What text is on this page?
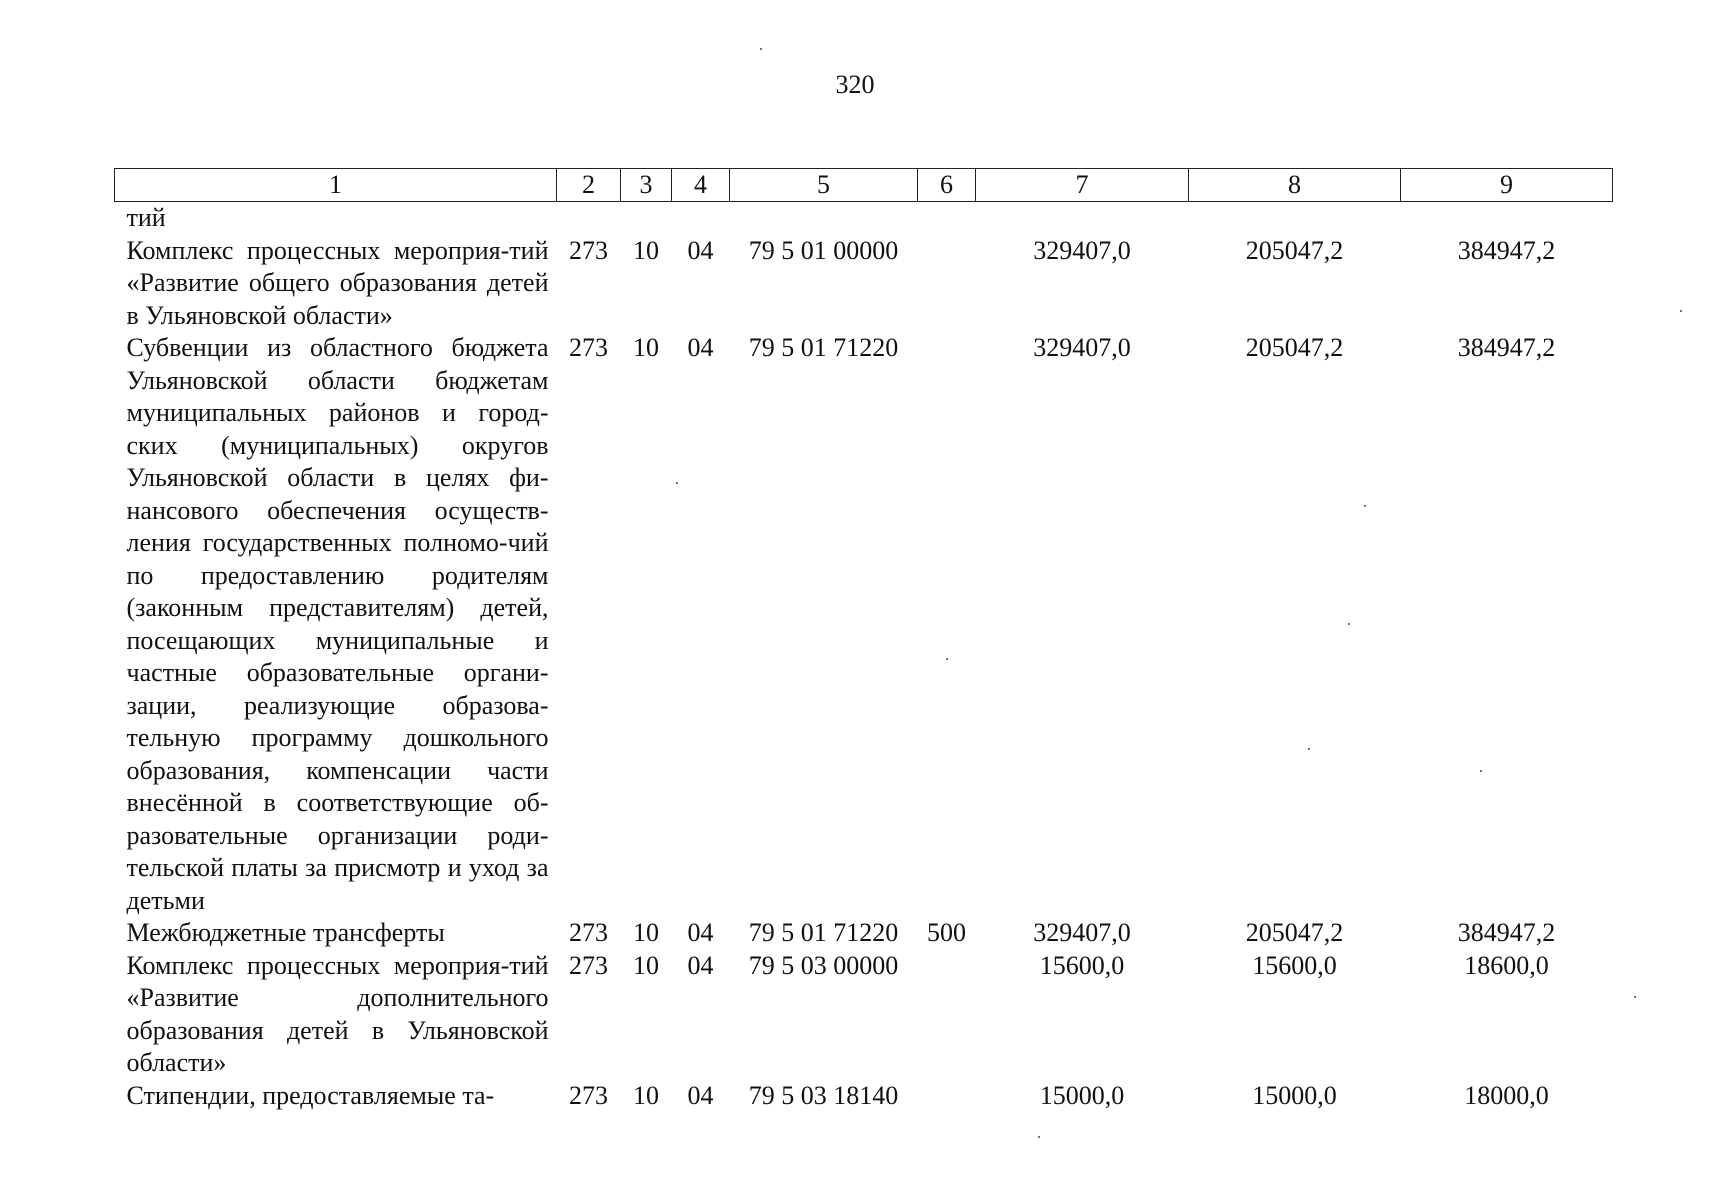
320
1	2	3	4	5	6	7	8	9
тий								
Комплекс процессных мероприя-тий «Развитие общего образования детей в Ульяновской области»	273	10	04	79 5 01 00000		329407,0	205047,2	384947,2
Субвенции из областного бюджета Ульяновской области бюджетам муниципальных районов и город-ских (муниципальных) округов Ульяновской области в целях фи-нансового обеспечения осуществ-ления государственных полномо-чий по предоставлению родителям (законным представителям) детей, посещающих муниципальные и частные образовательные органи-зации, реализующие образова-тельную программу дошкольного образования, компенсации части внесённой в соответствующие об-разовательные организации роди-тельской платы за присмотр и уход за детьми	273	10	04	79 5 01 71220		329407,0	205047,2	384947,2
Межбюджетные трансферты	273	10	04	79 5 01 71220	500	329407,0	205047,2	384947,2
Комплекс процессных мероприя-тий «Развитие дополнительного образования детей в Ульяновской области»	273	10	04	79 5 03 00000		15600,0	15600,0	18600,0
Стипендии, предоставляемые та-	273	10	04	79 5 03 18140		15000,0	15000,0	18000,0
